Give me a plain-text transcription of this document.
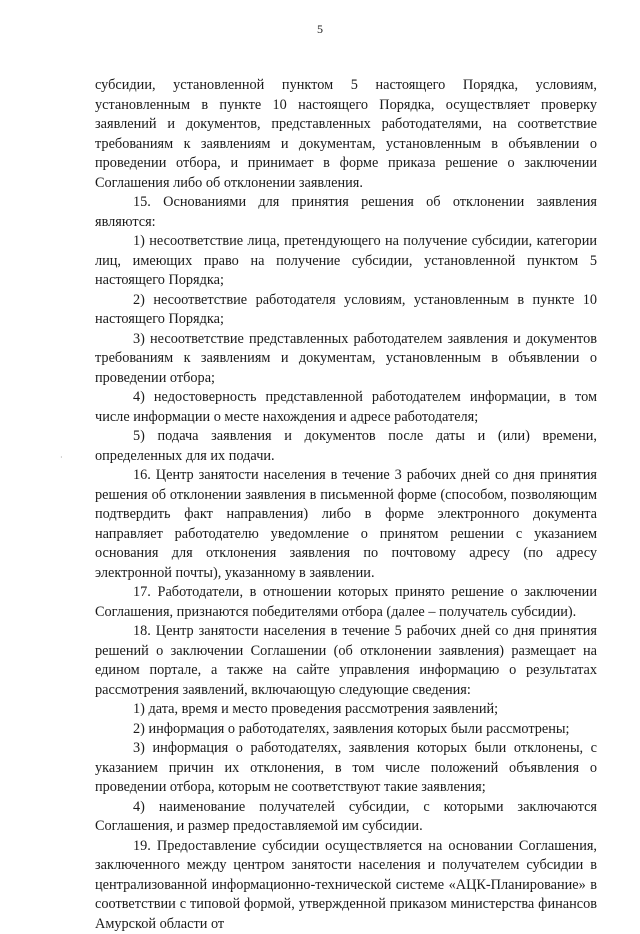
5
·

субсидии, установленной пунктом 5 настоящего Порядка, условиям, установленным в пункте 10 настоящего Порядка, осуществляет проверку заявлений и документов, представленных работодателями, на соответствие требованиям к заявлениям и документам, установленным в объявлении о проведении отбора, и принимает в форме приказа решение о заключении Соглашения либо об отклонении заявления.

15. Основаниями для принятия решения об отклонении заявления являются:

1) несоответствие лица, претендующего на получение субсидии, категории лиц, имеющих право на получение субсидии, установленной пунктом 5 настоящего Порядка;

2) несоответствие работодателя условиям, установленным в пункте 10 настоящего Порядка;

3) несоответствие представленных работодателем заявления и документов требованиям к заявлениям и документам, установленным в объявлении о проведении отбора;

4) недостоверность представленной работодателем информации, в том числе информации о месте нахождения и адресе работодателя;

5) подача заявления и документов после даты и (или) времени, определенных для их подачи.

16. Центр занятости населения в течение 3 рабочих дней со дня принятия решения об отклонении заявления в письменной форме (способом, позволяющим подтвердить факт направления) либо в форме электронного документа направляет работодателю уведомление о принятом решении с указанием основания для отклонения заявления по почтовому адресу (по адресу электронной почты), указанному в заявлении.

17. Работодатели, в отношении которых принято решение о заключении Соглашения, признаются победителями отбора (далее – получатель субсидии).

18. Центр занятости населения в течение 5 рабочих дней со дня принятия решений о заключении Соглашении (об отклонении заявления) размещает на едином портале, а также на сайте управления информацию о результатах рассмотрения заявлений, включающую следующие сведения:

1) дата, время и место проведения рассмотрения заявлений;

2) информация о работодателях, заявления которых были рассмотрены;

3) информация о работодателях, заявления которых были отклонены, с указанием причин их отклонения, в том числе положений объявления о проведении отбора, которым не соответствуют такие заявления;

4) наименование получателей субсидии, с которыми заключаются Соглашения, и размер предоставляемой им субсидии.

19. Предоставление субсидии осуществляется на основании Соглашения, заключенного между центром занятости населения и получателем субсидии в централизованной информационно-технической системе «АЦК-Планирование» в соответствии с типовой формой, утвержденной приказом министерства финансов Амурской области от
